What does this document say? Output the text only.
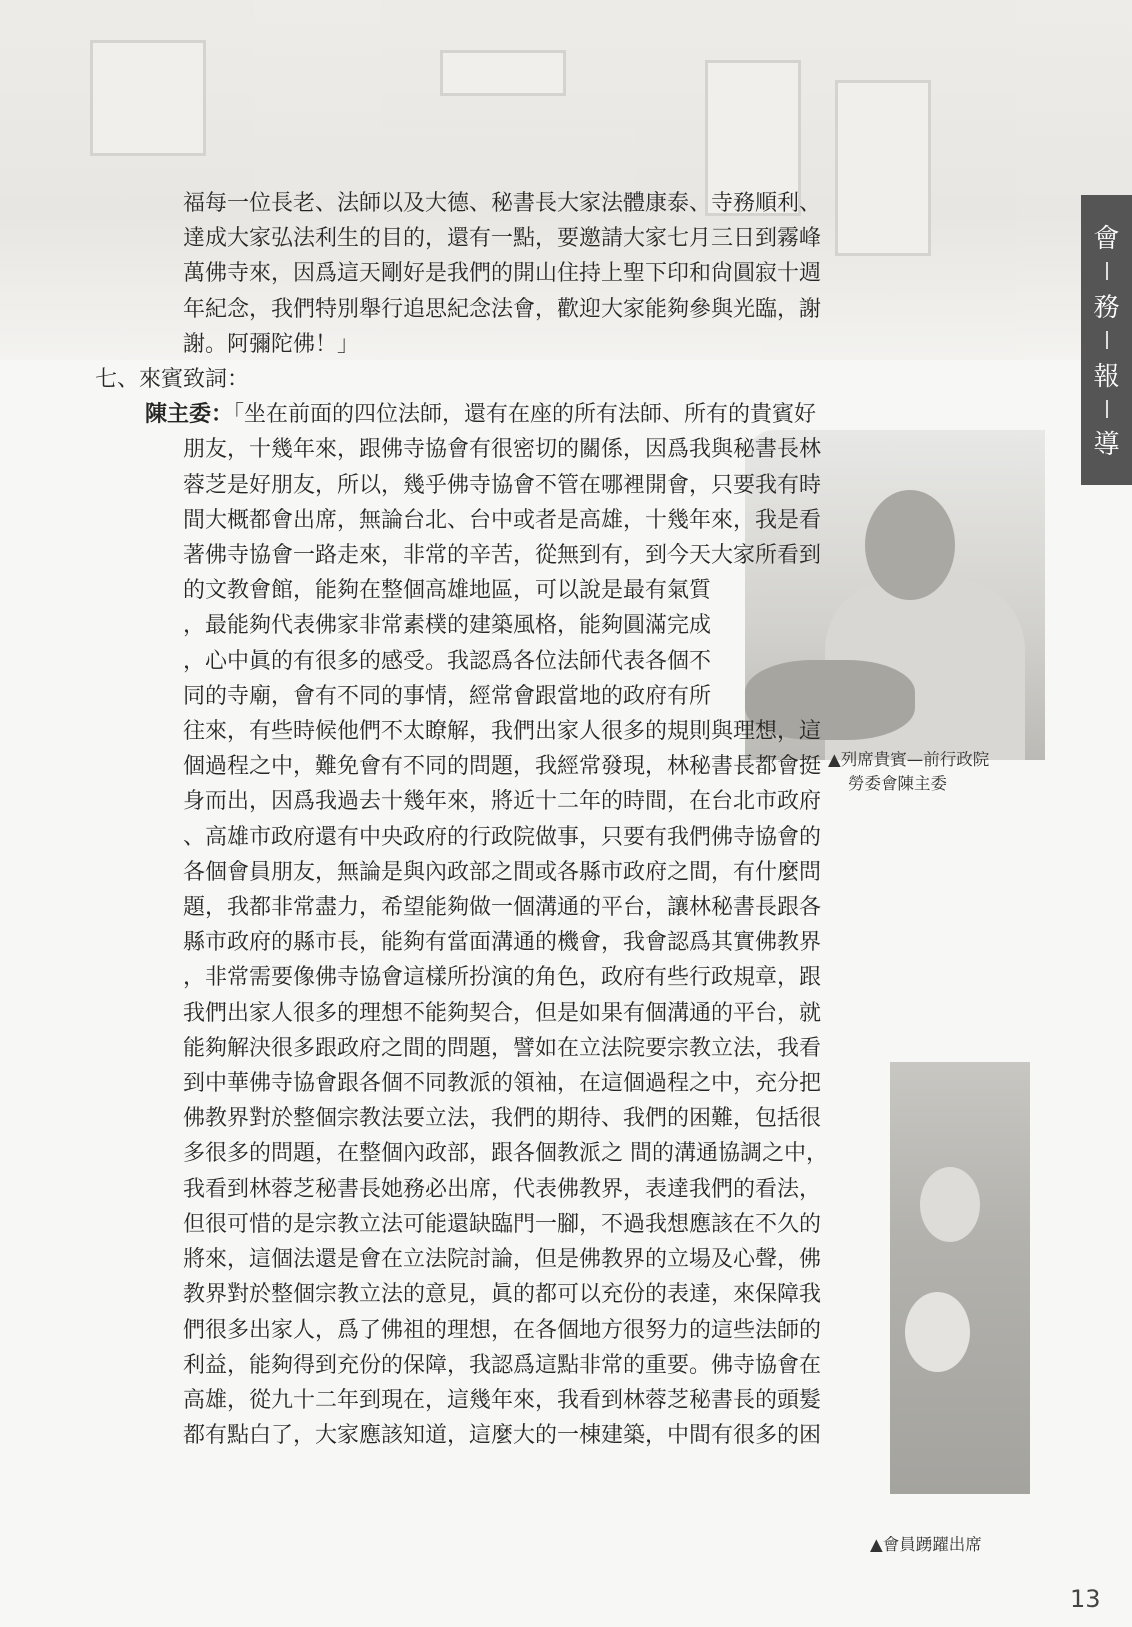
會
務
報
導
▲列席貴賓—前行政院
勞委會陳主委
▲會員踴躍出席

福每一位長老、法師以及大德、秘書長大家法體康泰、寺務順利、

達成大家弘法利生的目的，還有一點，要邀請大家七月三日到霧峰

萬佛寺來，因爲這天剛好是我們的開山住持上聖下印和尙圓寂十週

年紀念，我們特別舉行追思紀念法會，歡迎大家能夠參與光臨，謝

謝。阿彌陀佛！」

七、來賓致詞：

陳主委：「坐在前面的四位法師，還有在座的所有法師、所有的貴賓好

朋友，十幾年來，跟佛寺協會有很密切的關係，因爲我與秘書長林

蓉芝是好朋友，所以，幾乎佛寺協會不管在哪裡開會，只要我有時

間大概都會出席，無論台北、台中或者是高雄，十幾年來，我是看

著佛寺協會一路走來，非常的辛苦，從無到有，到今天大家所看到

的文教會館，能夠在整個高雄地區，可以說是最有氣質

，最能夠代表佛家非常素樸的建築風格，能夠圓滿完成

，心中眞的有很多的感受。我認爲各位法師代表各個不

同的寺廟，會有不同的事情，經常會跟當地的政府有所

往來，有些時候他們不太瞭解，我們出家人很多的規則與理想，這

個過程之中，難免會有不同的問題，我經常發現，林秘書長都會挺

身而出，因爲我過去十幾年來，將近十二年的時間，在台北市政府

、高雄市政府還有中央政府的行政院做事，只要有我們佛寺協會的

各個會員朋友，無論是與內政部之間或各縣市政府之間，有什麼問

題，我都非常盡力，希望能夠做一個溝通的平台，讓林秘書長跟各

縣市政府的縣市長，能夠有當面溝通的機會，我會認爲其實佛教界

，非常需要像佛寺協會這樣所扮演的角色，政府有些行政規章，跟

我們出家人很多的理想不能夠契合，但是如果有個溝通的平台，就

能夠解決很多跟政府之間的問題，譬如在立法院要宗教立法，我看

到中華佛寺協會跟各個不同教派的領袖，在這個過程之中，充分把

佛教界對於整個宗教法要立法，我們的期待、我們的困難，包括很

多很多的問題，在整個內政部，跟各個教派之 間的溝通協調之中，

我看到林蓉芝秘書長她務必出席，代表佛教界，表達我們的看法，

但很可惜的是宗教立法可能還缺臨門一腳，不過我想應該在不久的

將來，這個法還是會在立法院討論，但是佛教界的立場及心聲，佛

教界對於整個宗教立法的意見，眞的都可以充份的表達，來保障我

們很多出家人，爲了佛祖的理想，在各個地方很努力的這些法師的

利益，能夠得到充份的保障，我認爲這點非常的重要。佛寺協會在

高雄，從九十二年到現在，這幾年來，我看到林蓉芝秘書長的頭髮

都有點白了，大家應該知道，這麼大的一棟建築，中間有很多的困

13
